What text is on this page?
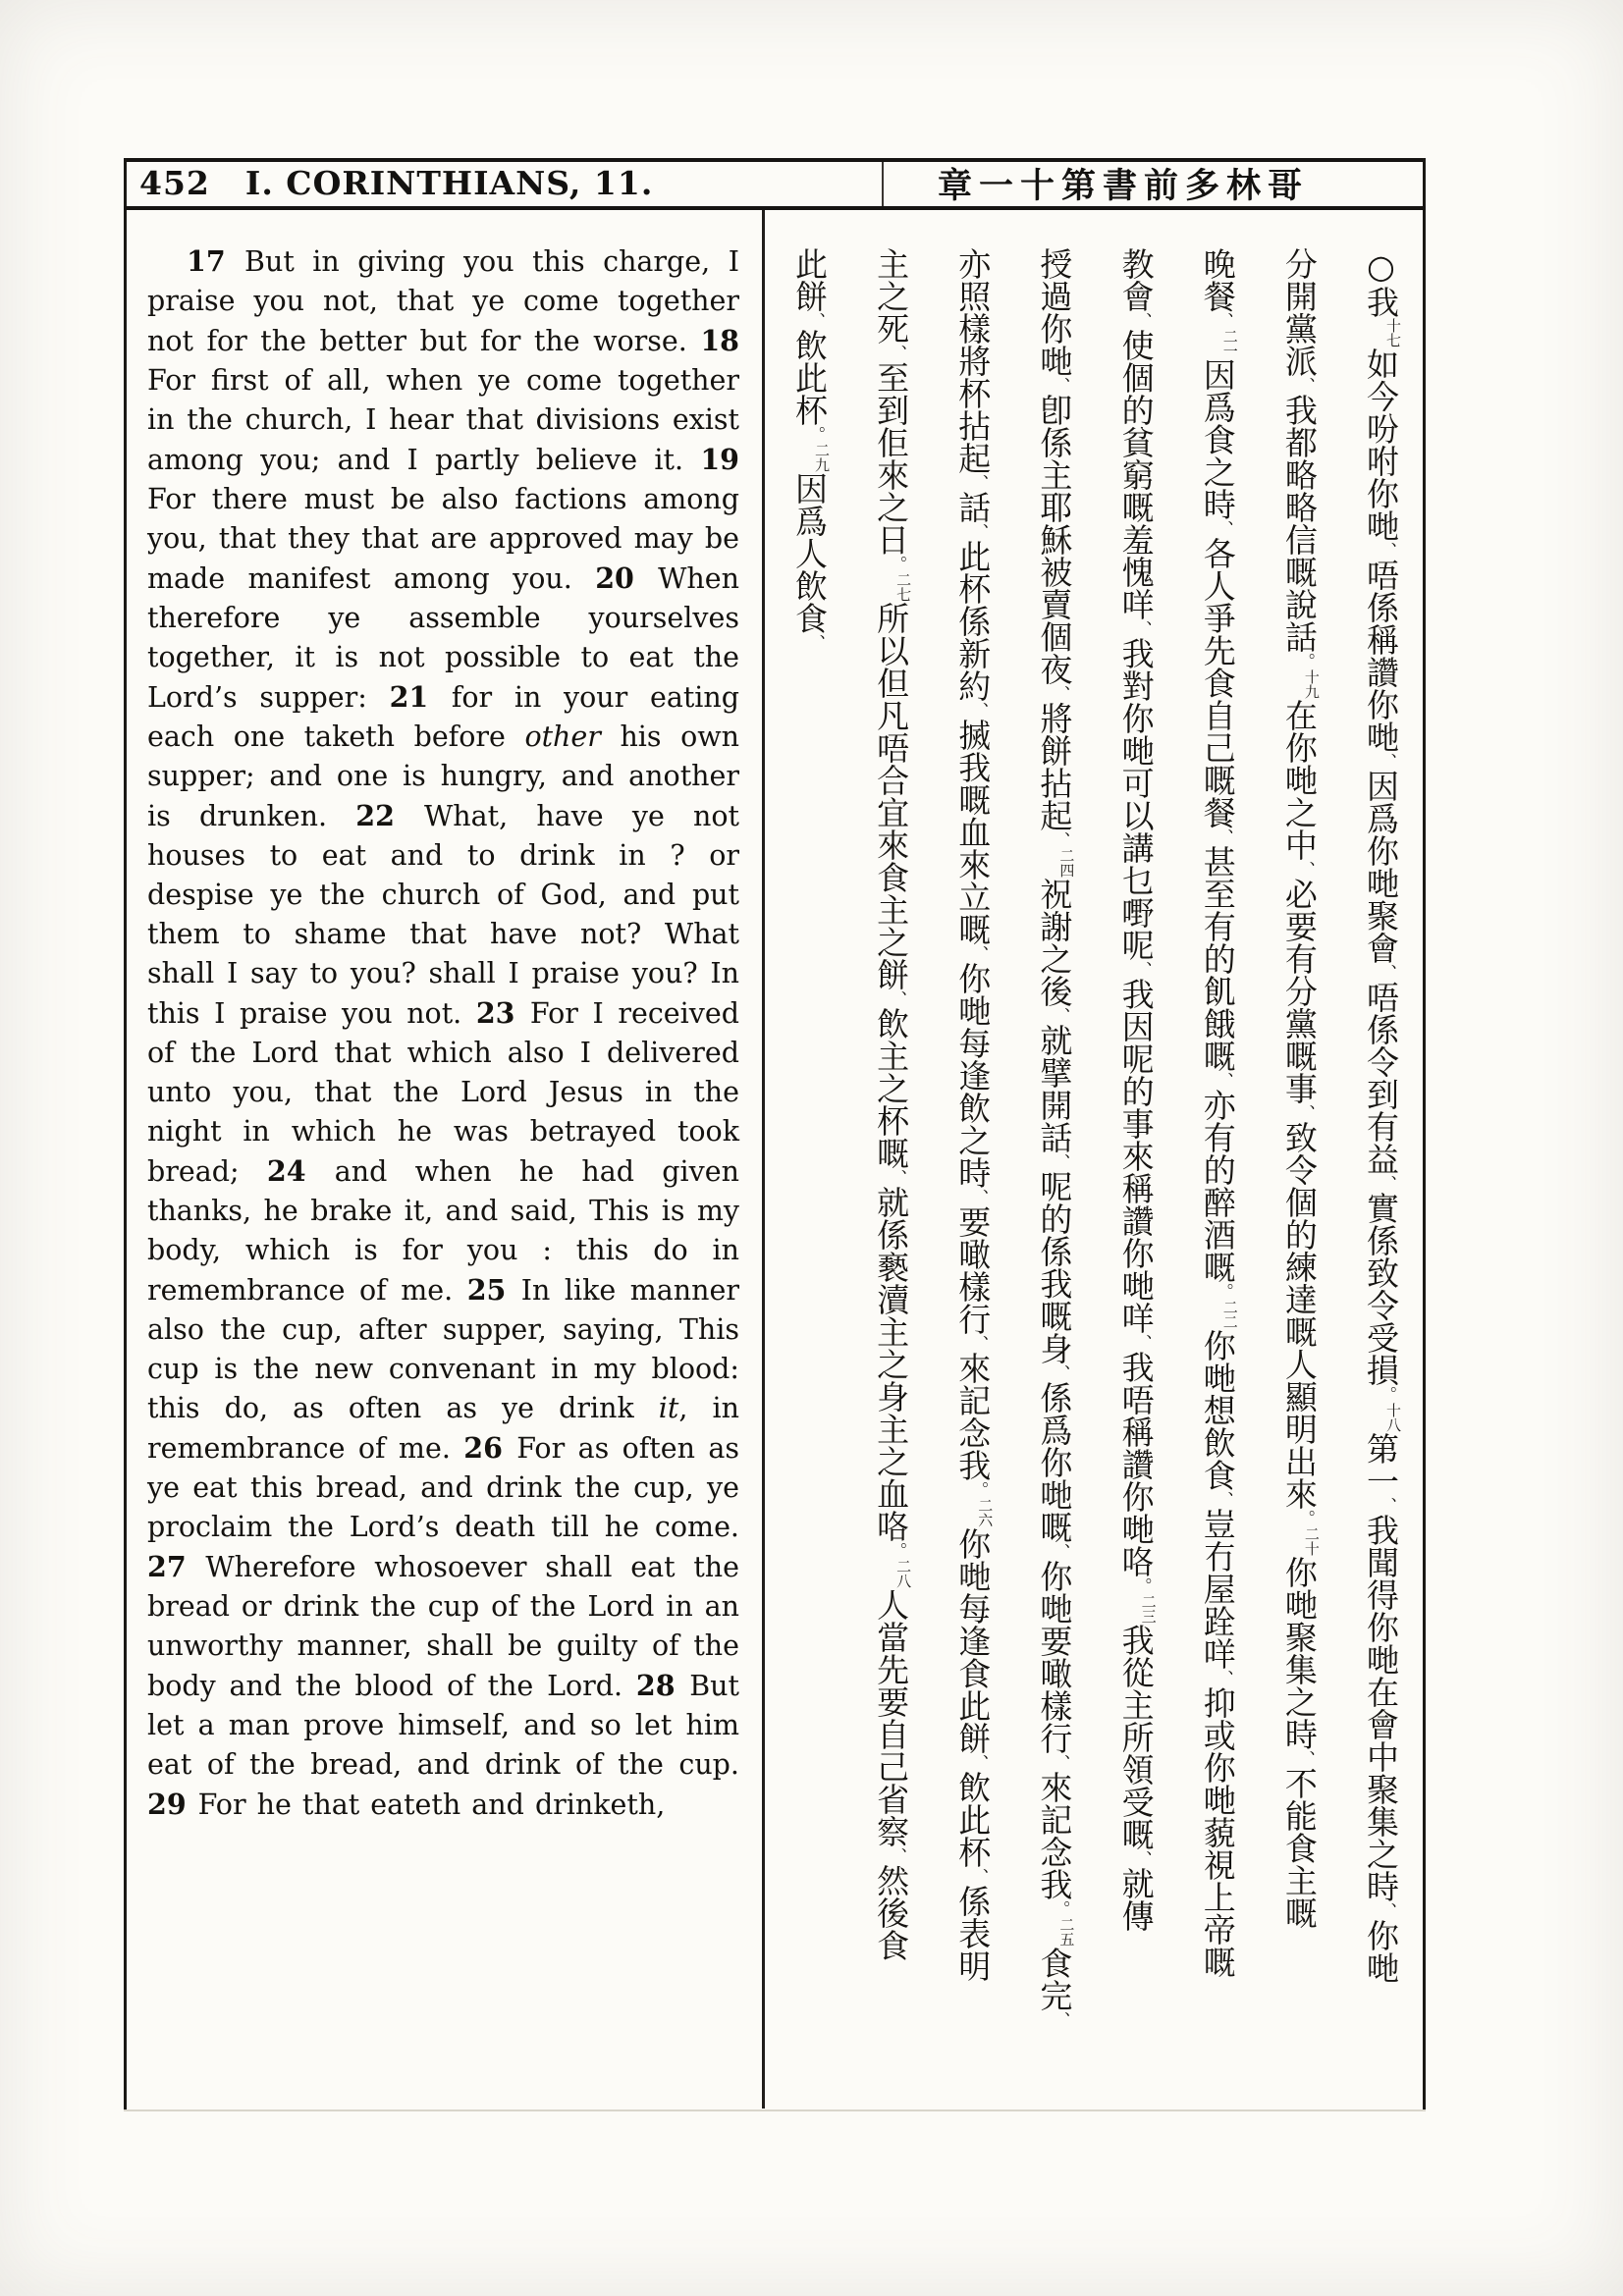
452 I. CORINTHIANS, 11.	章一十第書前多林哥
17 But in giving you this charge, I praise you not, that ye come together not for the better but for the worse. 18 For first of all, when ye come together in the church, I hear that divisions exist among you; and I partly believe it. 19 For there must be also factions among you, that they that are approved may be made manifest among you. 20 When therefore ye assemble yourselves together, it is not possible to eat the Lord’s supper: 21 for in your eating each one taketh before other his own supper; and one is hungry, and another is drunken. 22 What, have ye not houses to eat and to drink in ? or despise ye the church of God, and put them to shame that have not? What shall I say to you? shall I praise you? In this I praise you not. 23 For I received of the Lord that which also I delivered unto you, that the Lord Jesus in the night in which he was betrayed took bread; 24 and when he had given thanks, he brake it, and said, This is my body, which is for you : this do in remembrance of me. 25 In like manner also the cup, after supper, saying, This cup is the new convenant in my blood: this do, as often as ye drink it, in remembrance of me. 26 For as often as ye eat this bread, and drink the cup, ye proclaim the Lord’s death till he come. 27 Wherefore whosoever shall eat the bread or drink the cup of the Lord in an unworthy manner, shall be guilty of the body and the blood of the Lord. 28 But let a man prove himself, and so let him eat of the bread, and drink of the cup. 29 For he that eateth and drinketh,
○我十七如今吩咐你哋、唔係稱讚你哋、因爲你哋聚會、唔係令到有益、實係致令受損。十八第一、我聞得你哋在會中聚集之時、你哋
分開黨派、我都略略信嘅說話。十九在你哋之中、必要有分黨嘅事、致令個的練達嘅人顯明出來。二十你哋聚集之時、不能食主嘅
晚餐、二一因爲食之時、各人爭先食自己嘅餐、甚至有的飢餓嘅、亦有的醉酒嘅。二二你哋想飲食、豈冇屋跧咩、抑或你哋藐視上帝嘅
教會、使個的貧窮嘅羞愧咩、我對你哋可以講乜嘢呢、我因呢的事來稱讚你哋咩、我唔稱讚你哋咯。二三我從主所領受嘅、就傳
授過你哋、卽係主耶穌被賣個夜、將餅拈起、二四祝謝之後、就擘開話、呢的係我嘅身、係爲你哋嘅、你哋要噉樣行、來記念我。二五食完、
亦照樣將杯拈起、話、此杯係新約、搣我嘅血來立嘅、你哋每逢飲之時、要噉樣行、來記念我。二六你哋每逢食此餅、飲此杯、係表明
主之死、至到佢來之日。二七所以但凡唔合宜來食主之餅、飲主之杯嘅、就係褻瀆主之身主之血咯。二八人當先要自己省察、然後食
此餅、飲此杯。二九因爲人飲食、
